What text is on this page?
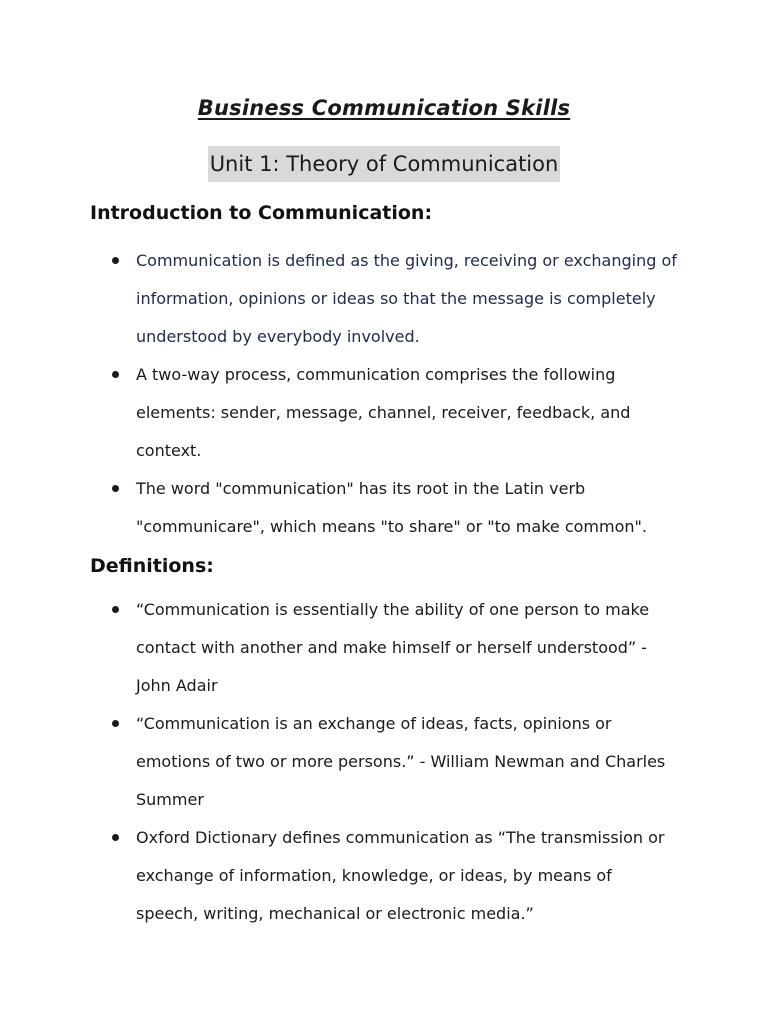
Business Communication Skills
Unit 1: Theory of Communication
Introduction to Communication:
Communication is defined as the giving, receiving or exchanging of
information, opinions or ideas so that the message is completely
understood by everybody involved.
A two-way process, communication comprises the following
elements: sender, message, channel, receiver, feedback, and
context.
The word "communication" has its root in the Latin verb
"communicare", which means "to share" or "to make common".
Definitions:
“Communication is essentially the ability of one person to make
contact with another and make himself or herself understood” -
John Adair
“Communication is an exchange of ideas, facts, opinions or
emotions of two or more persons.” - William Newman and Charles
Summer
Oxford Dictionary defines communication as “The transmission or
exchange of information, knowledge, or ideas, by means of
speech, writing, mechanical or electronic media.”
